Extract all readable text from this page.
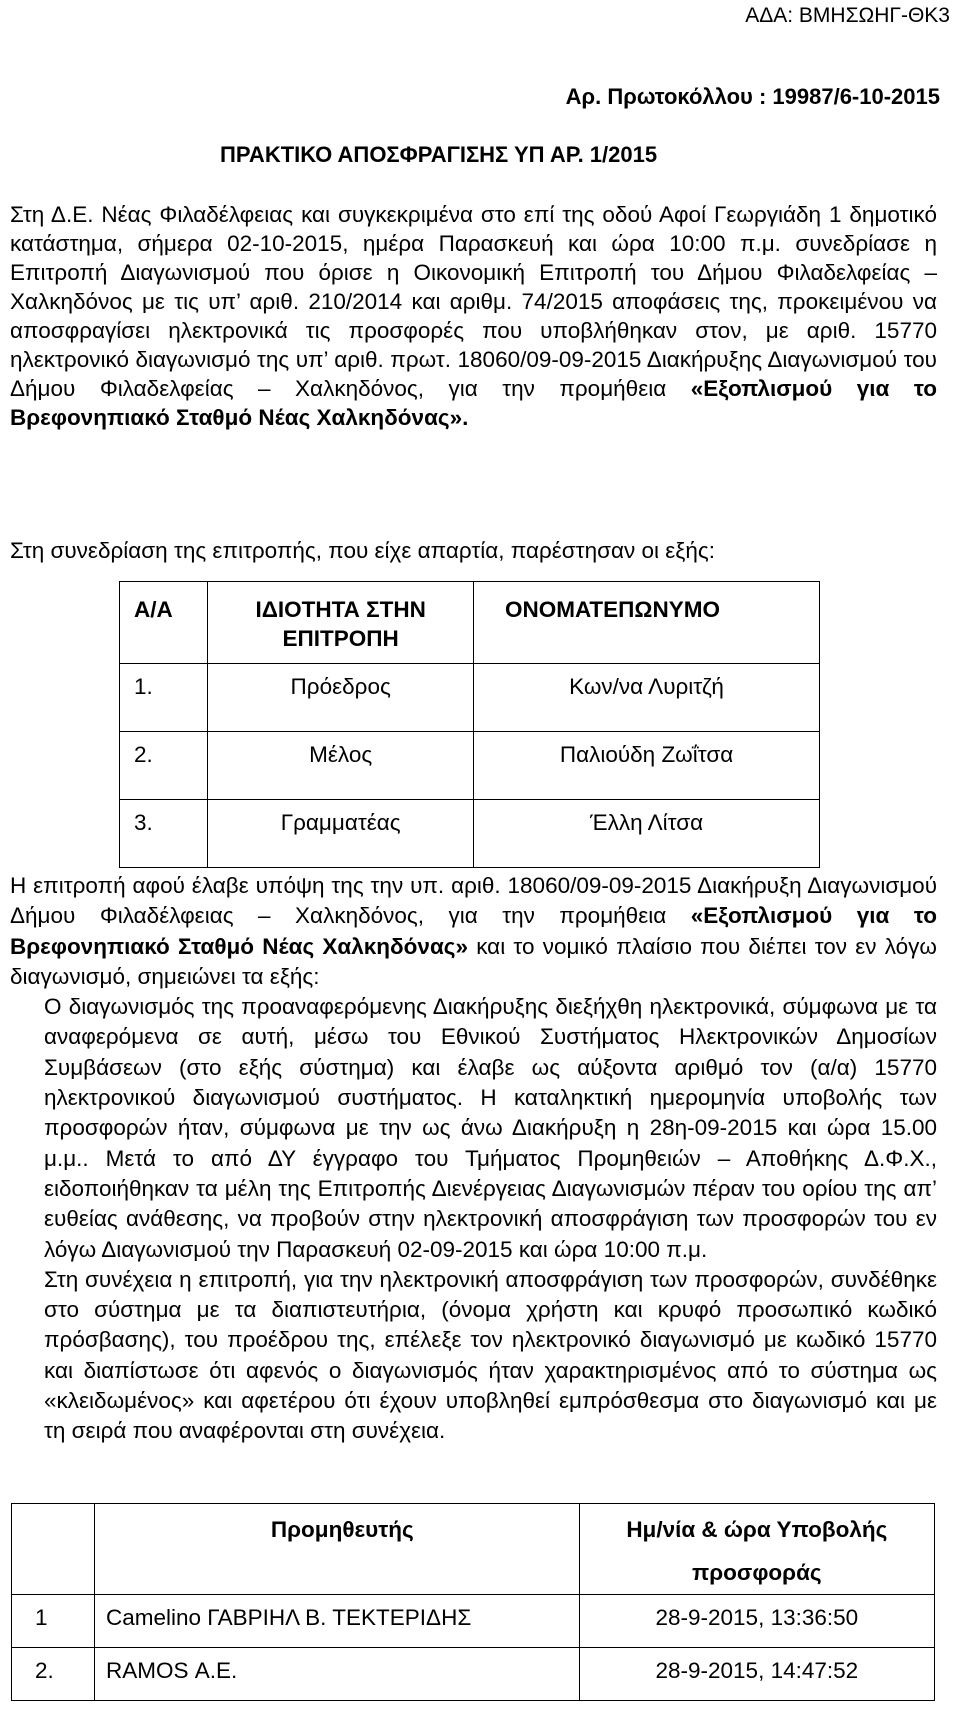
ΑΔΑ: ΒΜΗΣΩΗΓ-ΘΚ3
Αρ. Πρωτοκόλλου : 19987/6-10-2015
ΠΡΑΚΤΙΚΟ ΑΠΟΣΦΡΑΓΙΣΗΣ ΥΠ ΑΡ. 1/2015

Στη Δ.Ε. Νέας Φιλαδέλφειας και συγκεκριμένα στο επί της οδού Αφοί Γεωργιάδη 1 δημοτικό κατάστημα, σήμερα 02-10-2015, ημέρα Παρασκευή και ώρα 10:00 π.μ. συνεδρίασε η Επιτροπή Διαγωνισμού που όρισε η Οικονομική Επιτροπή του Δήμου Φιλαδελφείας – Χαλκηδόνος με τις υπ’ αριθ. 210/2014 και αριθμ. 74/2015 αποφάσεις της, προκειμένου να αποσφραγίσει ηλεκτρονικά τις προσφορές που υποβλήθηκαν στον, με αριθ. 15770 ηλεκτρονικό διαγωνισμό της υπ’ αριθ. πρωτ. 18060/09-09-2015 Διακήρυξης Διαγωνισμού του Δήμου Φιλαδελφείας – Χαλκηδόνος, για την προμήθεια «Εξοπλισμού για το Βρεφονηπιακό Σταθμό Νέας Χαλκηδόνας».

Στη συνεδρίαση της επιτροπής, που είχε απαρτία, παρέστησαν οι εξής:

Α/Α	ΙΔΙΟΤΗΤΑ ΣΤΗΝ ΕΠΙΤΡΟΠΗ	ΟΝΟΜΑΤΕΠΩΝΥΜΟ
1.	Πρόεδρος	Κων/να Λυριτζή
2.	Μέλος	Παλιούδη Ζωΐτσα
3.	Γραμματέας	Έλλη Λίτσα
Η επιτροπή αφού έλαβε υπόψη της την υπ. αριθ. 18060/09-09-2015 Διακήρυξη Διαγωνισμού Δήμου Φιλαδέλφειας – Χαλκηδόνος, για την προμήθεια «Εξοπλισμού για το Βρεφονηπιακό Σταθμό Νέας Χαλκηδόνας» και το νομικό πλαίσιο που διέπει τον εν λόγω διαγωνισμό, σημειώνει τα εξής:
Ο διαγωνισμός της προαναφερόμενης Διακήρυξης διεξήχθη ηλεκτρονικά, σύμφωνα με τα αναφερόμενα σε αυτή, μέσω του Εθνικού Συστήματος Ηλεκτρονικών Δημοσίων Συμβάσεων (στο εξής σύστημα) και έλαβε ως αύξοντα αριθμό τον (α/α) 15770 ηλεκτρονικού διαγωνισμού συστήματος. Η καταληκτική ημερομηνία υποβολής των προσφορών ήταν, σύμφωνα με την ως άνω Διακήρυξη η 28η-09-2015 και ώρα 15.00 μ.μ.. Μετά το από ΔΥ έγγραφο του Τμήματος Προμηθειών – Αποθήκης Δ.Φ.Χ., ειδοποιήθηκαν τα μέλη της Επιτροπής Διενέργειας Διαγωνισμών πέραν του ορίου της απ’ ευθείας ανάθεσης, να προβούν στην ηλεκτρονική αποσφράγιση των προσφορών του εν λόγω Διαγωνισμού την Παρασκευή 02-09-2015 και ώρα 10:00 π.μ.
Στη συνέχεια η επιτροπή, για την ηλεκτρονική αποσφράγιση των προσφορών, συνδέθηκε στο σύστημα με τα διαπιστευτήρια, (όνομα χρήστη και κρυφό προσωπικό κωδικό πρόσβασης), του προέδρου της, επέλεξε τον ηλεκτρονικό διαγωνισμό με κωδικό 15770 και διαπίστωσε ότι αφενός ο διαγωνισμός ήταν χαρακτηρισμένος από το σύστημα ως «κλειδωμένος» και αφετέρου ότι έχουν υποβληθεί εμπρόσθεσμα στο διαγωνισμό και με τη σειρά που αναφέρονται στη συνέχεια.
	Προμηθευτής	Ημ/νία & ώρα Υποβολής προσφοράς
1	Camelino ΓΑΒΡΙΗΛ Β. ΤΕΚΤΕΡΙΔΗΣ	28-9-2015, 13:36:50
2.	RAMOS Α.Ε.	28-9-2015, 14:47:52
